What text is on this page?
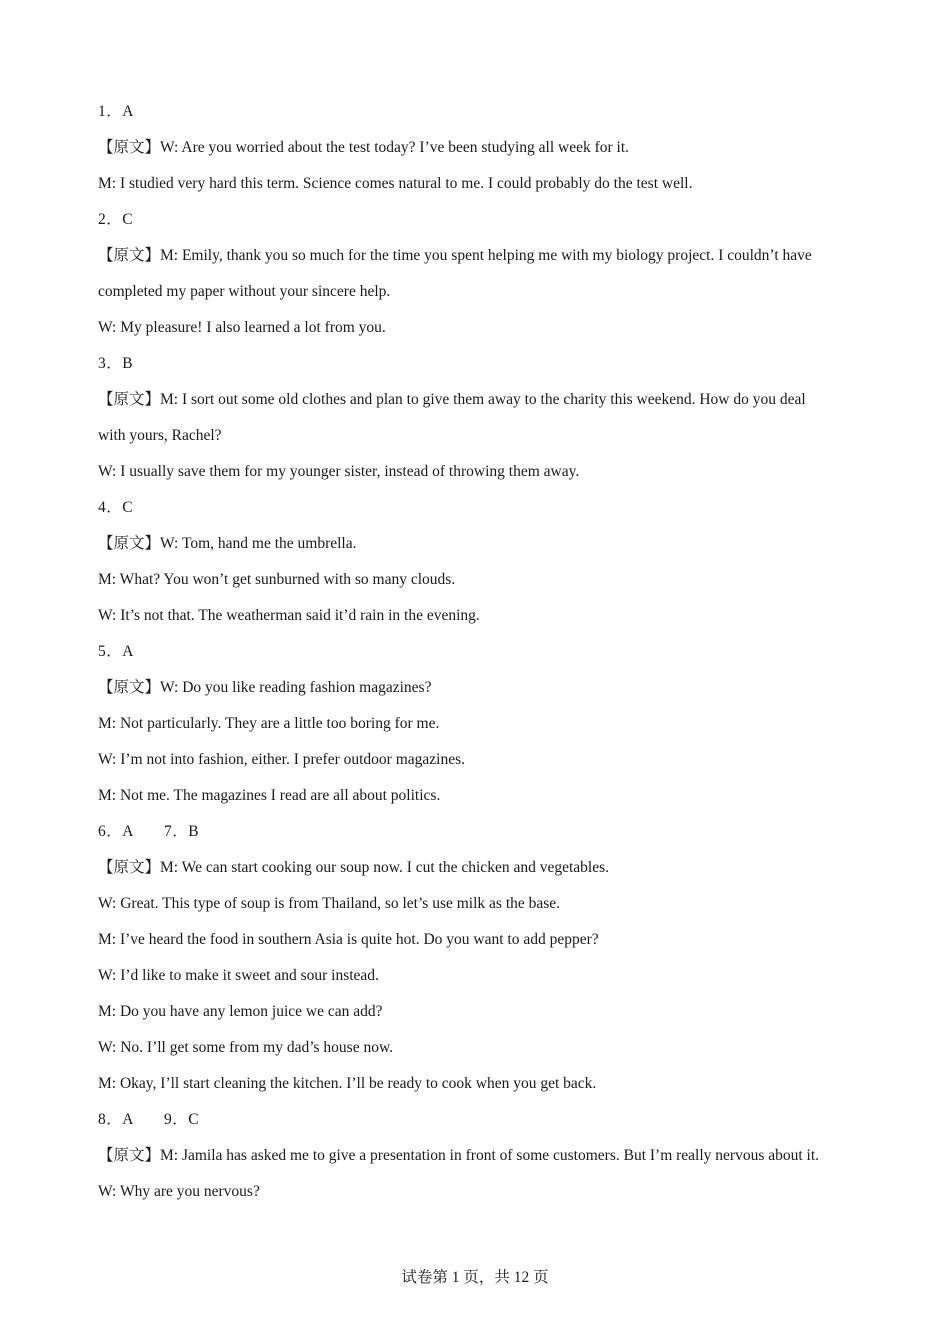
1．A
【原文】W: Are you worried about the test today? I’ve been studying all week for it.
M: I studied very hard this term. Science comes natural to me. I could probably do the test well.
2．C
【原文】M: Emily, thank you so much for the time you spent helping me with my biology project. I couldn’t have
completed my paper without your sincere help.
W: My pleasure! I also learned a lot from you.
3．B
【原文】M: I sort out some old clothes and plan to give them away to the charity this weekend. How do you deal
with yours, Rachel?
W: I usually save them for my younger sister, instead of throwing them away.
4．C
【原文】W: Tom, hand me the umbrella.
M: What? You won’t get sunburned with so many clouds.
W: It’s not that. The weatherman said it’d rain in the evening.
5．A
【原文】W: Do you like reading fashion magazines?
M: Not particularly. They are a little too boring for me.
W: I’m not into fashion, either. I prefer outdoor magazines.
M: Not me. The magazines I read are all about politics.
6．A 7．B
【原文】M: We can start cooking our soup now. I cut the chicken and vegetables.
W: Great. This type of soup is from Thailand, so let’s use milk as the base.
M: I’ve heard the food in southern Asia is quite hot. Do you want to add pepper?
W: I’d like to make it sweet and sour instead.
M: Do you have any lemon juice we can add?
W: No. I’ll get some from my dad’s house now.
M: Okay, I’ll start cleaning the kitchen. I’ll be ready to cook when you get back.
8．A 9．C
【原文】M: Jamila has asked me to give a presentation in front of some customers. But I’m really nervous about it.
W: Why are you nervous?
试卷第 1 页，共 12 页
